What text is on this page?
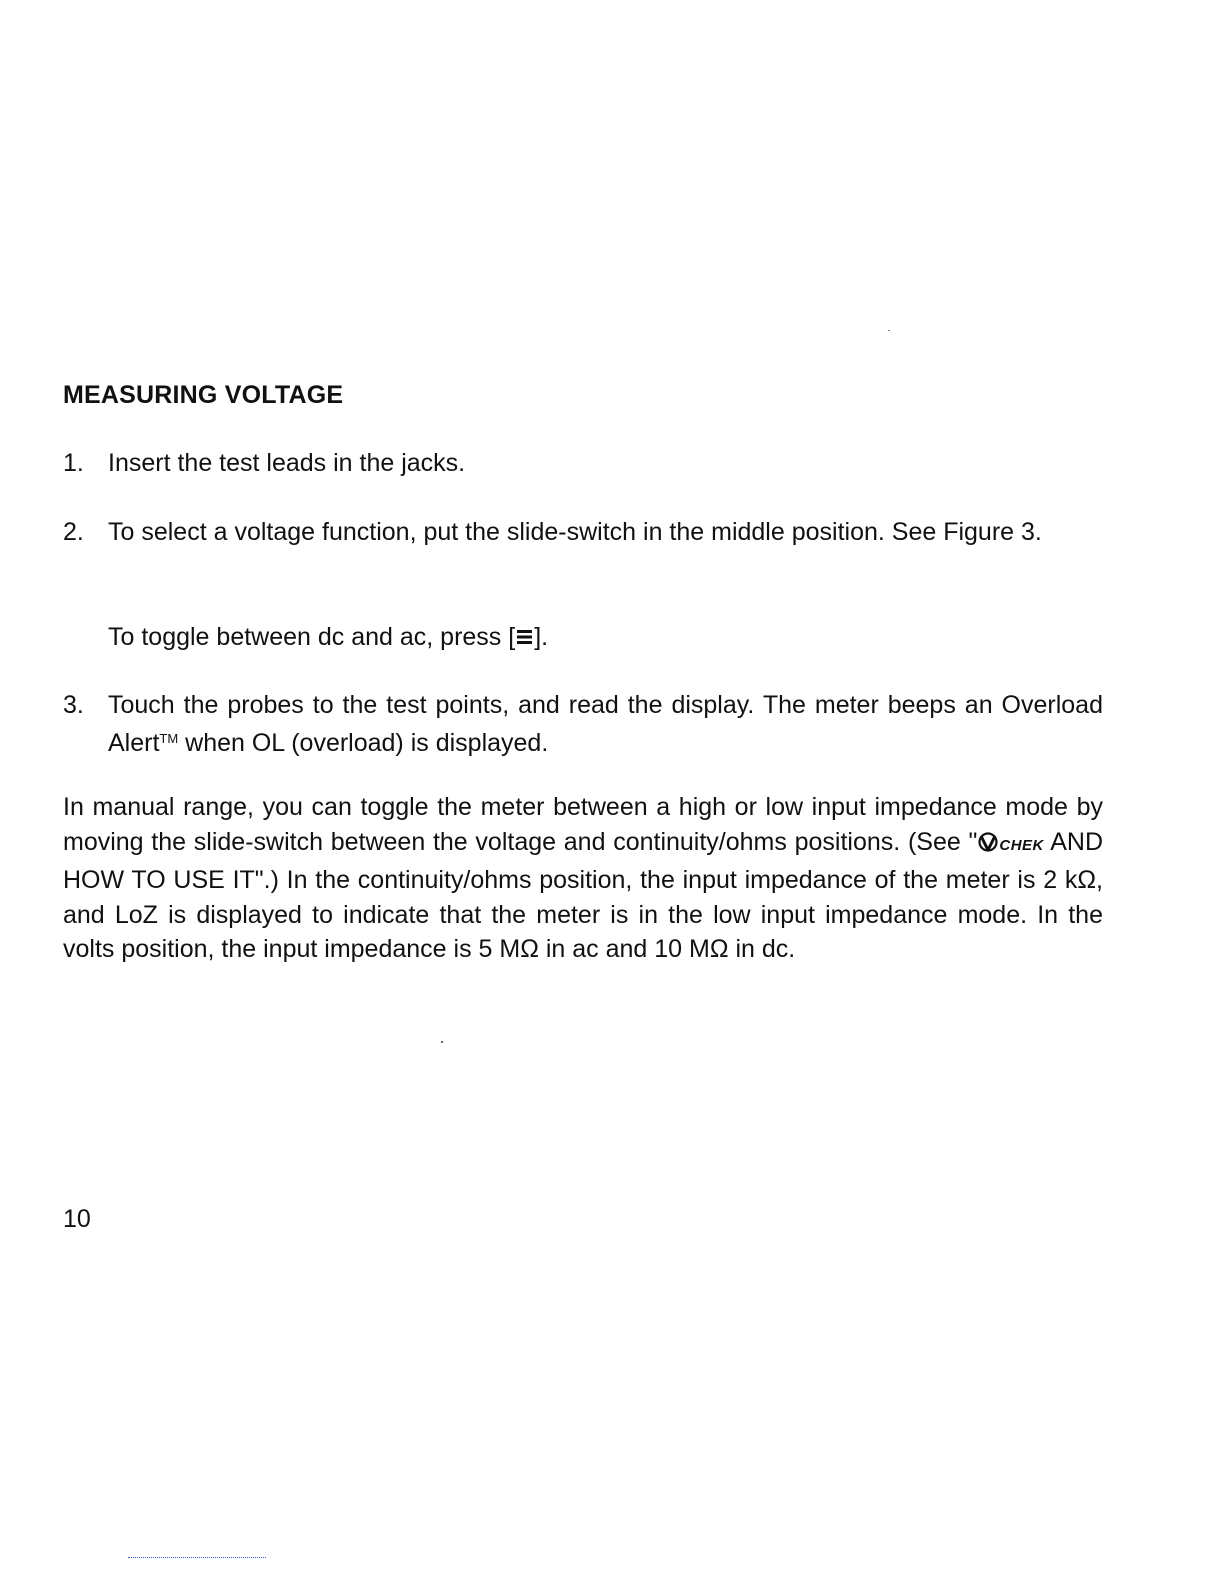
MEASURING VOLTAGE
1. Insert the test leads in the jacks.
2. To select a voltage function, put the slide-switch in the middle position. See Figure 3.
To toggle between dc and ac, press [ ].
3. Touch the probes to the test points, and read the display. The meter beeps an Overload Alert™ when OL (overload) is displayed.

In manual range, you can toggle the meter between a high or low input impedance mode by moving the slide-switch between the voltage and continuity/ohms positions. (See " CHEK AND HOW TO USE IT".) In the continuity/ohms position, the input impedance of the meter is 2 kΩ, and LoZ is displayed to indicate that the meter is in the low input impedance mode. In the volts position, the input impedance is 5 MΩ in ac and 10 MΩ in dc.

10
